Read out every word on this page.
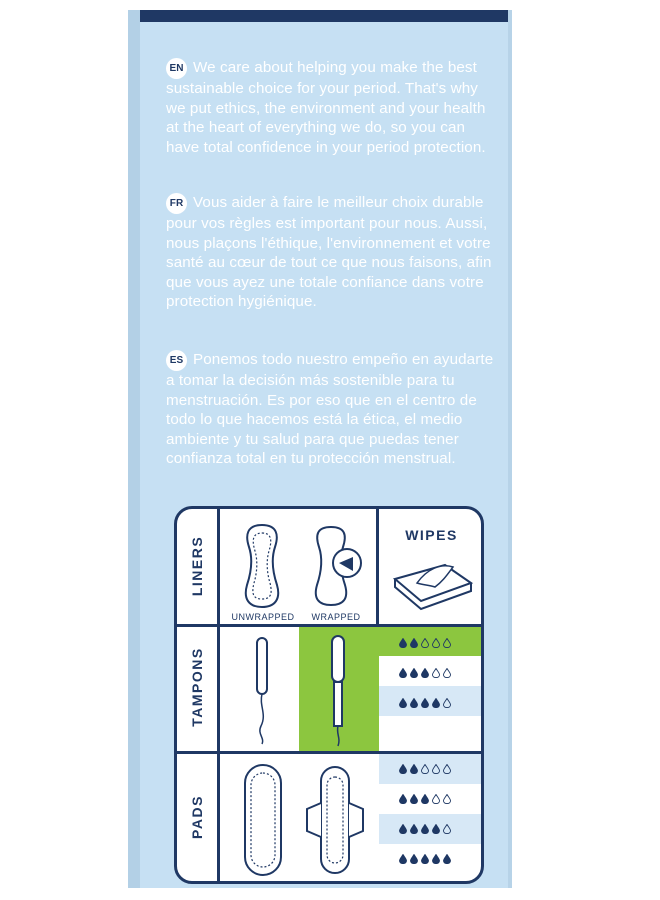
EN We care about helping you make the best sustainable choice for your period. That's why we put ethics, the environment and your health at the heart of everything we do, so you can have total confidence in your period protection.
FR Vous aider à faire le meilleur choix durable pour vos règles est important pour nous. Aussi, nous plaçons l'éthique, l'environnement et votre santé au cœur de tout ce que nous faisons, afin que vous ayez une totale confiance dans votre protection hygiénique.
ES Ponemos todo nuestro empeño en ayudarte a tomar la decisión más sostenible para tu menstruación. Es por eso que en el centro de todo lo que hacemos está la ética, el medio ambiente y tu salud para que puedas tener confianza total en tu protección menstrual.
LINERS
TAMPONS
PADS
WIPES
UNWRAPPED	WRAPPED
